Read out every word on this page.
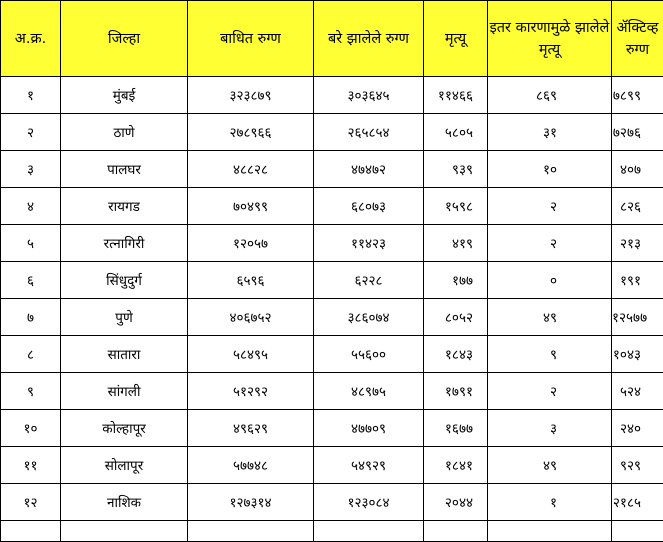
अ.क्र.	जिल्हा	बाधित रुग्ण	बरे झालेले रुग्ण	मृत्यू	इतर कारणामुळे झालेले मृत्यू	ॲक्टिव्ह रुग्ण
१	मुंबई	३२३८७९	३०३६४५	११४६६	८६९	७८९९
२	ठाणे	२७८९६६	२६५८५४	५८०५	३१	७२७६
३	पालघर	४८८२८	४७४७२	९३९	१०	४०७
४	रायगड	७०४९९	६८०७३	१५९८	२	८२६
५	रत्नागिरी	१२०५७	११४२३	४१९	२	२१३
६	सिंधुदुर्ग	६५९६	६२२८	१७७	०	१९१
७	पुणे	४०६७५२	३८६०७४	८०५२	४९	१२५७७
८	सातारा	५८४९५	५५६००	१८४३	९	१०४३
९	सांगली	५१२९२	४८९७५	१७९१	२	५२४
१०	कोल्हापूर	४९६२९	४७७०९	१६७७	३	२४०
११	सोलापूर	५७७४८	५४९२९	१८४१	४९	९२९
१२	नाशिक	१२७३१४	१२३०८४	२०४४	१	२१८५
